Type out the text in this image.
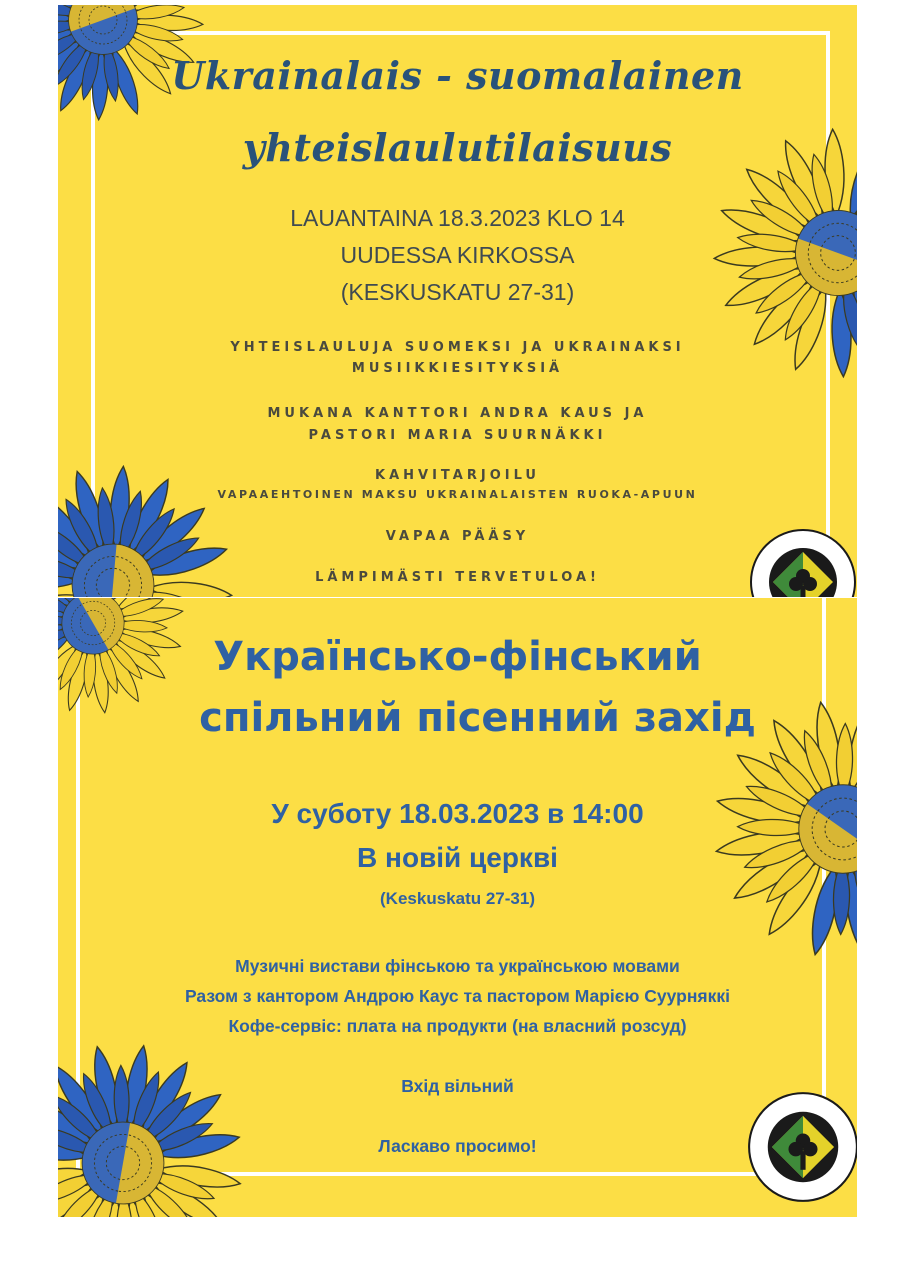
Ukrainalais - suomalainen
yhteislaulutilaisuus
LAUANTAINA 18.3.2023 KLO 14
UUDESSA KIRKOSSA
(KESKUSKATU 27-31)
YHTEISLAULUJA SUOMEKSI JA UKRAINAKSI
MUSIIKKIESITYKSIÄ
MUKANA KANTTORI ANDRA KAUS JA
PASTORI MARIA SUURNÄKKI
KAHVITARJOILU
VAPAAEHTOINEN MAKSU UKRAINALAISTEN RUOKA-APUUN
VAPAA PÄÄSY
LÄMPIMÄSTI TERVETULOA!
Українсько-фінський
спільний пісенний захід
У суботу 18.03.2023 в 14:00
В новій церкві
(Keskuskatu 27-31)
Музичні вистави фінською та українською мовами
Разом з кантором Андрою Каус та пастором Марією Суурняккі
Кофе-сервіс: плата на продукти (на власний розсуд)
Вхід вільний
Ласкаво просимо!
